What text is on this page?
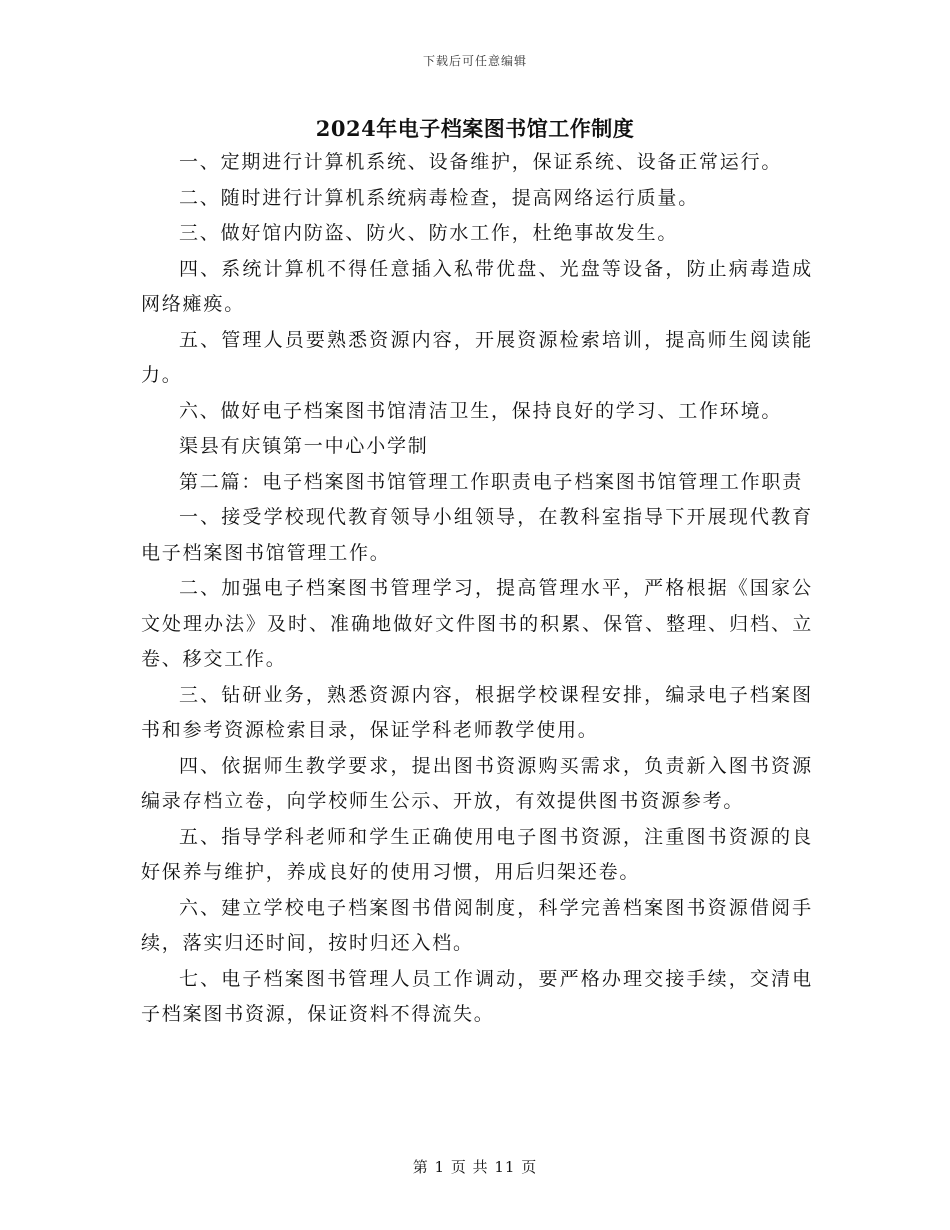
下载后可任意编辑
2024年电子档案图书馆工作制度

一、定期进行计算机系统、设备维护，保证系统、设备正常运行。

二、随时进行计算机系统病毒检查，提高网络运行质量。

三、做好馆内防盗、防火、防水工作，杜绝事故发生。

四、系统计算机不得任意插入私带优盘、光盘等设备，防止病毒造成网络瘫痪。

五、管理人员要熟悉资源内容，开展资源检索培训，提高师生阅读能力。

六、做好电子档案图书馆清洁卫生，保持良好的学习、工作环境。

渠县有庆镇第一中心小学制

第二篇：电子档案图书馆管理工作职责电子档案图书馆管理工作职责

一、接受学校现代教育领导小组领导，在教科室指导下开展现代教育电子档案图书馆管理工作。

二、加强电子档案图书管理学习，提高管理水平，严格根据《国家公文处理办法》及时、准确地做好文件图书的积累、保管、整理、归档、立卷、移交工作。

三、钻研业务，熟悉资源内容，根据学校课程安排，编录电子档案图书和参考资源检索目录，保证学科老师教学使用。

四、依据师生教学要求，提出图书资源购买需求，负责新入图书资源编录存档立卷，向学校师生公示、开放，有效提供图书资源参考。

五、指导学科老师和学生正确使用电子图书资源，注重图书资源的良好保养与维护，养成良好的使用习惯，用后归架还卷。

六、建立学校电子档案图书借阅制度，科学完善档案图书资源借阅手续，落实归还时间，按时归还入档。

七、电子档案图书管理人员工作调动，要严格办理交接手续，交清电子档案图书资源，保证资料不得流失。

第 1 页 共 11 页
